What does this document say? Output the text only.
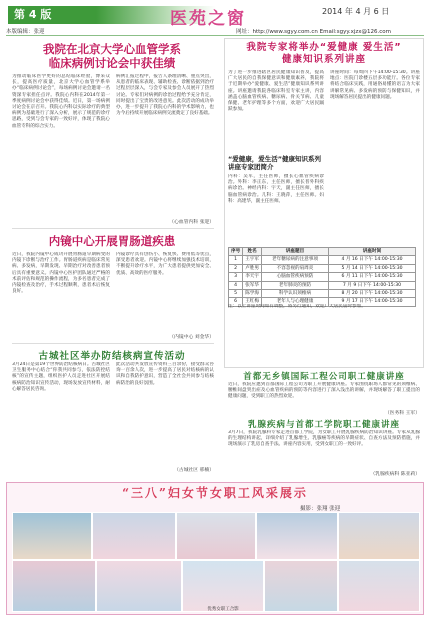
第 4 版	医苑之窗	2014 年 4 月 6 日
本版编辑：张迎	网址：http://www.sgyy.com.cn Email:sgyy.xjzx@126.com
我院在北京大学心血管学系
临床病例讨论会中获佳绩
为推动临床医学更好的总结临床经验，博采众长，提高医疗质量，北京大学心血管学系举办“临床病例讨论会”，每场病例讨论会邀请一名资深专家担任点评。我院心内科在2014年第一季度病例讨论会中获得佳绩。近日，第一场病例讨论会在京召开。我院心内科以实际诊疗的典型病例为基础进行了深入分析，展示了规范的诊疗思路，受到与会专家的一致好评，体现了我院心血管专科的综合实力。
病例汇报过程中，报告人条理清晰、重点突出，从患者的临床表现、辅助检查、诊断依据到治疗过程层层深入，与会专家及参会人员展开了热烈讨论。专家们对病例的诊治过程给予充分肯定，同时提出了宝贵的改进意见。此次活动的成功举办，进一步提升了我院心内科的学术影响力，也为今后持续开展临床病例交流奠定了良好基础。
（心血管内科 张迎）
内镜中心开展胃肠道疾患
近日，我院内镜中心成功开展胃肠道早期病变的内镜下诊断与治疗工作。胃肠道疾病是临床常见病、多发病，早期发现、早期治疗对改善患者预后具有重要意义。内镜中心医护团队通过严格的术前评估和规范的操作流程，为多名患者完成了内镜检查及治疗，手术过程顺利，患者术后恢复良好。
内镜诊疗具有创伤小、恢复快、费用低等优点，深受患者欢迎。内镜中心将继续加强技术培训，不断提升诊疗水平，为广大患者提供更加安全、优质、高效的医疗服务。
（内镜中心 刘金华）
古城社区举办防结核病宣传活动
3月24日是第19个世界防治结核病日。古城社区卫生服务中心结合“你我共同参与，依法防控结核”的宣传主题，组织医护人员走进社区开展结核病防治知识宣传活动，现场发放宣传材料，耐心解答居民咨询。
此次活动共发放宣传资料三百余份，接受群众咨询一百余人次，进一步提高了居民对结核病的认识和自我防护意识，营造了全社会共同参与结核病防治的良好氛围。
（古城社区 邢楠）
我院专家将举办“爱健康 爱生活”
健康知识系列讲座
为了进一步推进辖区居民健康知识普及，提高广大居民的自我保健意识和健康素养，我院将于近期举办“爱健康、爱生活”健康知识系列讲座。讲座邀请我院各临床科室专家主讲，内容涵盖心脑血管疾病、糖尿病、骨关节病、儿童保健、老年护理等多个方面，欢迎广大居民踊跃参加。
讲座时间：每周四下午14:00-15:30。讲座地点：医院门诊楼五层多功能厅。各位专家将结合临床实践，用通俗易懂的语言为大家讲解常见病、多发病的预防与保健知识，并现场解答居民提出的健康问题。
“爱健康，爱生活”健康知识系列讲座专家团简介
内科：吴军，主任医师，擅长心血管疾病诊治。外科：李正东，主任医师，擅长普外科疾病诊治。神经内科：宇天，副主任医师，擅长脑血管病诊治。儿科：王晓萍，主任医师。妇科：高建华，副主任医师。
序号	姓名	讲座题目	讲座时间
1	王宇军	老年糖尿病的注意事项	4 月 16 日下午 14:00-15:30
2	卢胜男	不容忽视的肩周炎	5 月 14 日下午 14:00-15:30
3	李天宇	心脑血管疾病预防	6 月 11 日下午 14:00-15:30
4	张军华	老年肺炎的预防	7 月 9 日下午 14:00-15:30
5	陈学海	科学认识颈椎病	8 月 20 日下午 14:00-15:30
6	王红梅	老年人与心理健康	9 月 17 日下午 14:00-15:30
注：以上讲座时间如有调整，将另行通知，欢迎广大居民届时参加。
首都无乡镇国际工程公司职工健康讲座
近日，我院应邀到首都国际工程公司为职工开展健康讲座。专家围绕职场人群常见的颈椎病、腰椎间盘突出症及心血管疾病的预防等内容进行了深入浅出的讲解，并现场解答了职工提出的健康问题，受到职工的热烈欢迎。
（医务科 王军）
乳腺疾病与首都工学院职工健康讲座
3月7日，我院乳腺科专家走进首都工学院，为女职工开展乳腺疾病防治知识讲座。专家从乳腺的生理结构讲起，详细介绍了乳腺增生、乳腺癌等疾病的早期症状、自查方法及预防措施，并现场演示了乳房自查手法。讲座内容实用，受到女职工的一致好评。
（乳腺疾病科 陈亚莉）
“三八”妇女节女职工风采展示
摄影：张翔 张迎
优秀女职工合影
